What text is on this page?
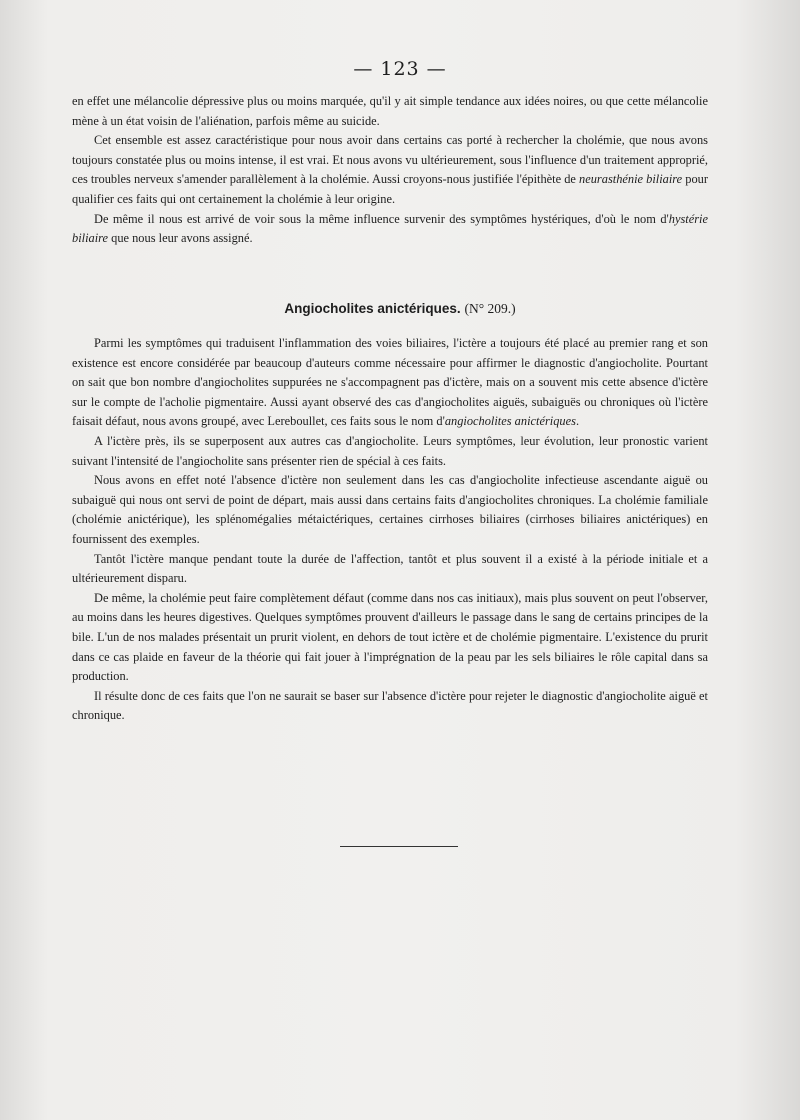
— 123 —

en effet une mélancolie dépressive plus ou moins marquée, qu'il y ait simple tendance aux idées noires, ou que cette mélancolie mène à un état voisin de l'aliénation, parfois même au suicide.

Cet ensemble est assez caractéristique pour nous avoir dans certains cas porté à rechercher la cholémie, que nous avons toujours constatée plus ou moins intense, il est vrai. Et nous avons vu ultérieurement, sous l'influence d'un traitement approprié, ces troubles nerveux s'amender parallèlement à la cholémie. Aussi croyons-nous justifiée l'épithète de neurasthénie biliaire pour qualifier ces faits qui ont certainement la cholémie à leur origine.

De même il nous est arrivé de voir sous la même influence survenir des symptômes hystériques, d'où le nom d'hystérie biliaire que nous leur avons assigné.

Angiocholites anictériques. (N° 209.)

Parmi les symptômes qui traduisent l'inflammation des voies biliaires, l'ictère a toujours été placé au premier rang et son existence est encore considérée par beaucoup d'auteurs comme nécessaire pour affirmer le diagnostic d'angiocholite. Pourtant on sait que bon nombre d'angiocholites suppurées ne s'accompagnent pas d'ictère, mais on a souvent mis cette absence d'ictère sur le compte de l'acholie pigmentaire. Aussi ayant observé des cas d'angiocholites aiguës, subaiguës ou chroniques où l'ictère faisait défaut, nous avons groupé, avec Lereboullet, ces faits sous le nom d'angiocholites anictériques.

A l'ictère près, ils se superposent aux autres cas d'angiocholite. Leurs symptômes, leur évolution, leur pronostic varient suivant l'intensité de l'angiocholite sans présenter rien de spécial à ces faits.

Nous avons en effet noté l'absence d'ictère non seulement dans les cas d'angiocholite infectieuse ascendante aiguë ou subaiguë qui nous ont servi de point de départ, mais aussi dans certains faits d'angiocholites chroniques. La cholémie familiale (cholémie anictérique), les splénomégalies métaictériques, certaines cirrhoses biliaires (cirrhoses biliaires anictériques) en fournissent des exemples.

Tantôt l'ictère manque pendant toute la durée de l'affection, tantôt et plus souvent il a existé à la période initiale et a ultérieurement disparu.

De même, la cholémie peut faire complètement défaut (comme dans nos cas initiaux), mais plus souvent on peut l'observer, au moins dans les heures digestives. Quelques symptômes prouvent d'ailleurs le passage dans le sang de certains principes de la bile. L'un de nos malades présentait un prurit violent, en dehors de tout ictère et de cholémie pigmentaire. L'existence du prurit dans ce cas plaide en faveur de la théorie qui fait jouer à l'imprégnation de la peau par les sels biliaires le rôle capital dans sa production.

Il résulte donc de ces faits que l'on ne saurait se baser sur l'absence d'ictère pour rejeter le diagnostic d'angiocholite aiguë et chronique.
